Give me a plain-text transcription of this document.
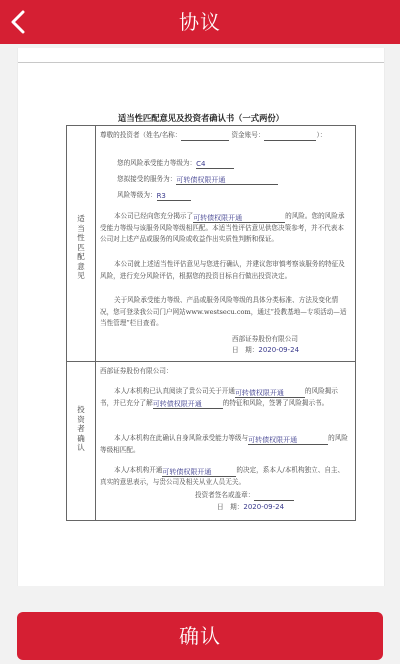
协议
适当性匹配意见及投资者确认书（一式两份）
适当性匹配意见
投资者确认
尊敬的投资者（姓名/名称：	资金账号：	）：
您的风险承受能力等级为：C4
您拟接受的服务为：可转债权限开通
风险等级为：R3
本公司已经向您充分揭示了可转债权限开通	的风险。您的风险承受能力等级与该服务风险等级相匹配。本适当性评估意见供您决策参考，并不代表本公司对上述产品或服务的风险或收益作出实质性判断和保证。
本公司就上述适当性评估意见与您进行确认，并建议您审慎考察该服务的特征及风险，进行充分风险评估，根据您的投资目标自行做出投资决定。
关于风险承受能力等级、产品或服务风险等级的具体分类标准、方法及变化情况，您可登录我公司门户网站www.westsecu.com，通过“投教基地—专项活动—适当性管理”栏目查看。
西部证券股份有限公司
日　期：2020-09-24
西部证券股份有限公司：
本人/本机构已认真阅读了贵公司关于开通可转债权限开通	的风险揭示书，并已充分了解可转债权限开通	的特征和风险，签署了风险揭示书。
本人/本机构在此确认自身风险承受能力等级与可转债权限开通	的风险等级相匹配。
本人/本机构开通可转债权限开通	的决定，系本人/本机构独立、自主、真实的意思表示，与贵公司及相关从业人员无关。
投资者签名或盖章：
日　期：2020-09-24
确认
